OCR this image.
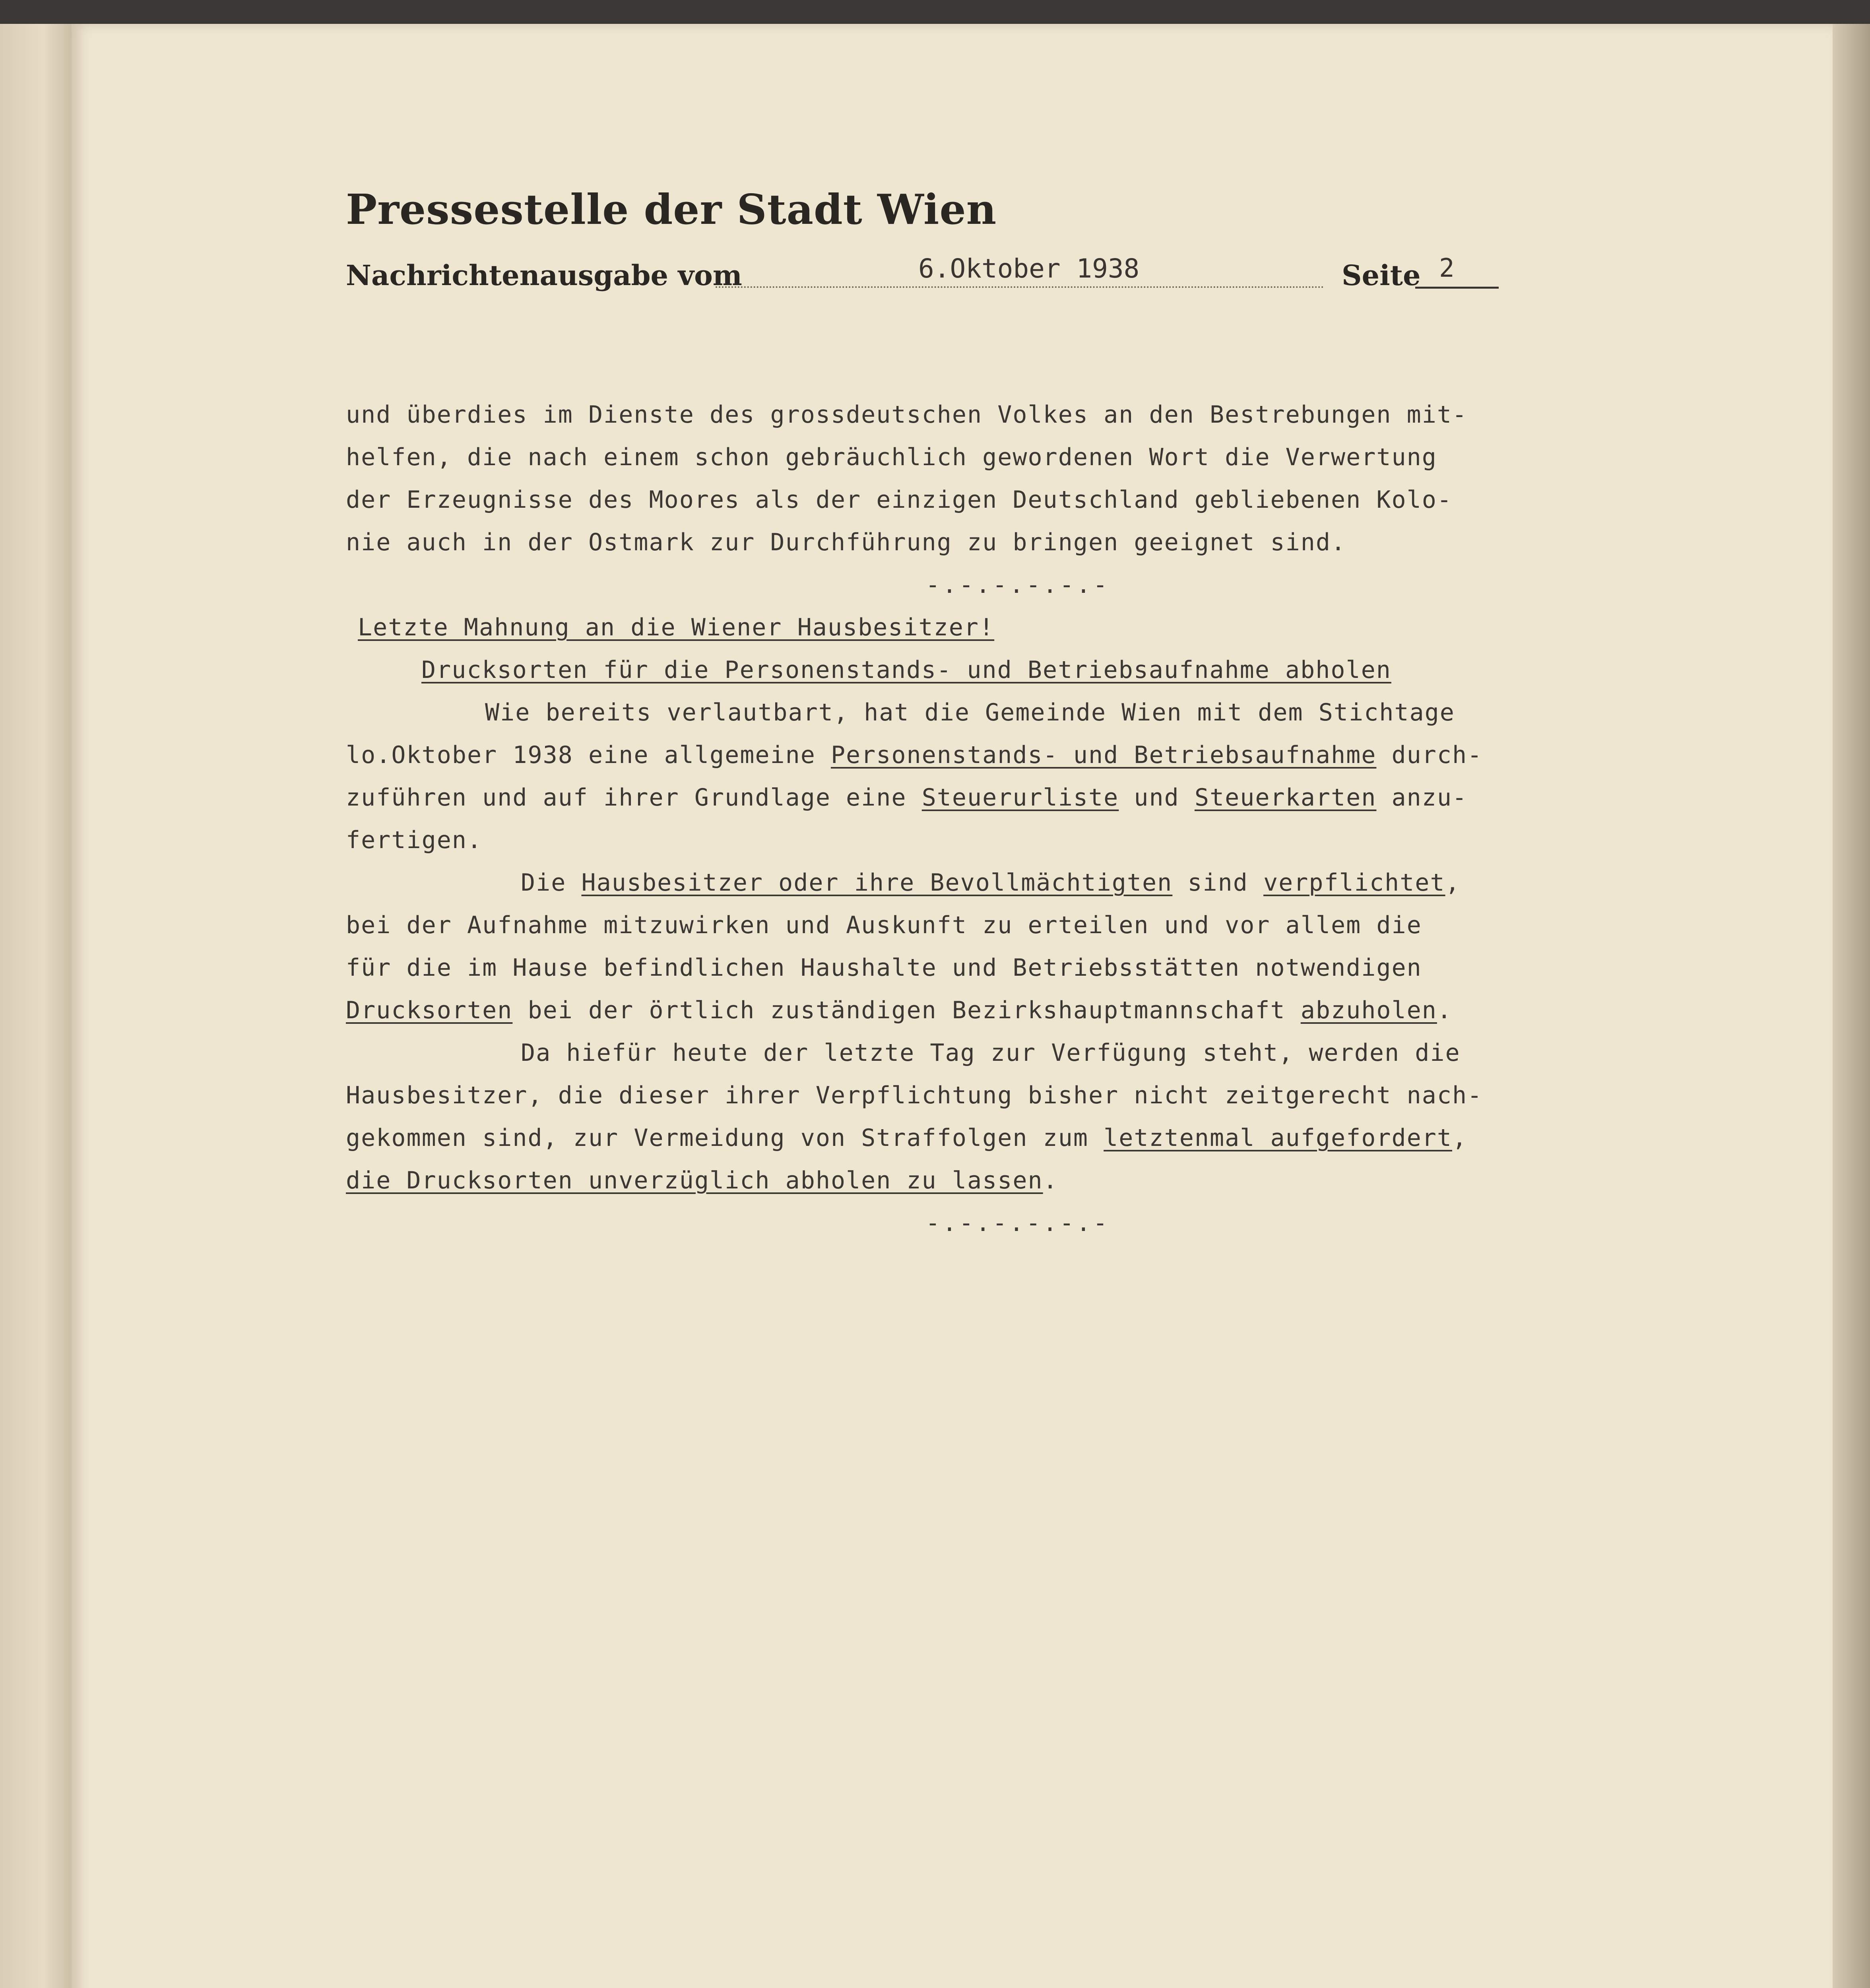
Pressestelle der Stadt Wien
Nachrichtenausgabe vom	6.Oktober 1938	Seite 2
und überdies im Dienste des grossdeutschen Volkes an den Bestrebungen mit-
helfen, die nach einem schon gebräuchlich gewordenen Wort die Verwertung
der Erzeugnisse des Moores als der einzigen Deutschland gebliebenen Kolo-
nie auch in der Ostmark zur Durchführung zu bringen geeignet sind.
-.-.-.-.-.-
Letzte Mahnung an die Wiener Hausbesitzer!
Drucksorten für die Personenstands- und Betriebsaufnahme abholen
Wie bereits verlautbart, hat die Gemeinde Wien mit dem Stichtage
lo.Oktober 1938 eine allgemeine Personenstands- und Betriebsaufnahme durch-
zuführen und auf ihrer Grundlage eine Steuerurliste und Steuerkarten anzu-
fertigen.
Die Hausbesitzer oder ihre Bevollmächtigten sind verpflichtet,
bei der Aufnahme mitzuwirken und Auskunft zu erteilen und vor allem die
für die im Hause befindlichen Haushalte und Betriebsstätten notwendigen
Drucksorten bei der örtlich zuständigen Bezirkshauptmannschaft abzuholen.
Da hiefür heute der letzte Tag zur Verfügung steht, werden die
Hausbesitzer, die dieser ihrer Verpflichtung bisher nicht zeitgerecht nach-
gekommen sind, zur Vermeidung von Straffolgen zum letztenmal aufgefordert,
die Drucksorten unverzüglich abholen zu lassen.
-.-.-.-.-.-
